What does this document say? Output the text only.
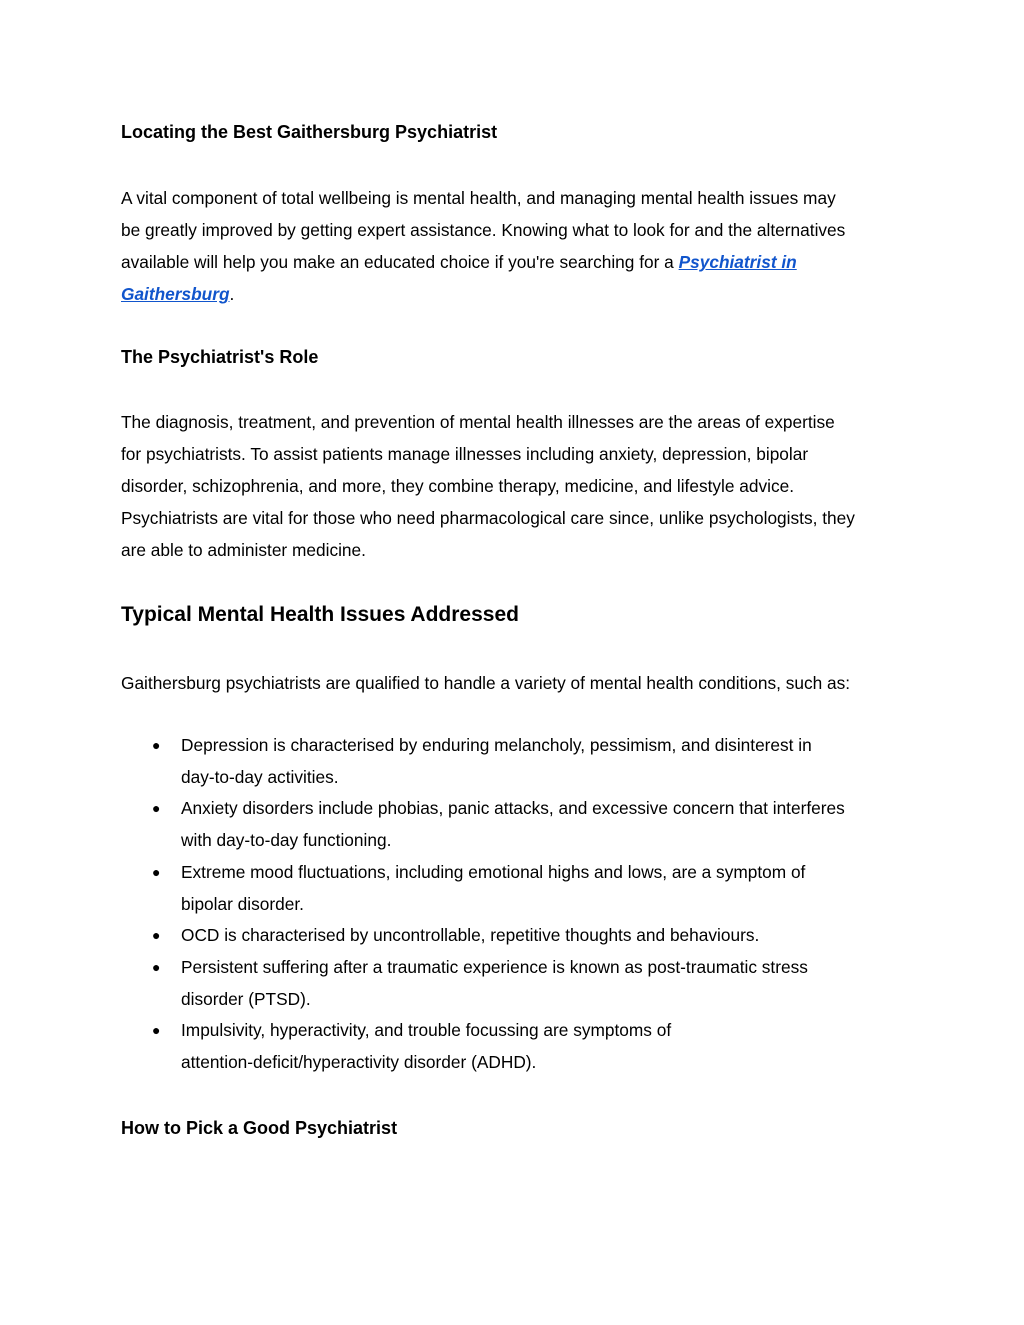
Locating the Best Gaithersburg Psychiatrist
A vital component of total wellbeing is mental health, and managing mental health issues may
be greatly improved by getting expert assistance. Knowing what to look for and the alternatives
available will help you make an educated choice if you're searching for a Psychiatrist in
Gaithersburg.
The Psychiatrist's Role
The diagnosis, treatment, and prevention of mental health illnesses are the areas of expertise
for psychiatrists. To assist patients manage illnesses including anxiety, depression, bipolar
disorder, schizophrenia, and more, they combine therapy, medicine, and lifestyle advice.
Psychiatrists are vital for those who need pharmacological care since, unlike psychologists, they
are able to administer medicine.
Typical Mental Health Issues Addressed
Gaithersburg psychiatrists are qualified to handle a variety of mental health conditions, such as:
● Depression is characterised by enduring melancholy, pessimism, and disinterest in
day-to-day activities.
● Anxiety disorders include phobias, panic attacks, and excessive concern that interferes
with day-to-day functioning.
● Extreme mood fluctuations, including emotional highs and lows, are a symptom of
bipolar disorder.
● OCD is characterised by uncontrollable, repetitive thoughts and behaviours.
● Persistent suffering after a traumatic experience is known as post-traumatic stress
disorder (PTSD).
● Impulsivity, hyperactivity, and trouble focussing are symptoms of
attention-deficit/hyperactivity disorder (ADHD).
How to Pick a Good Psychiatrist
